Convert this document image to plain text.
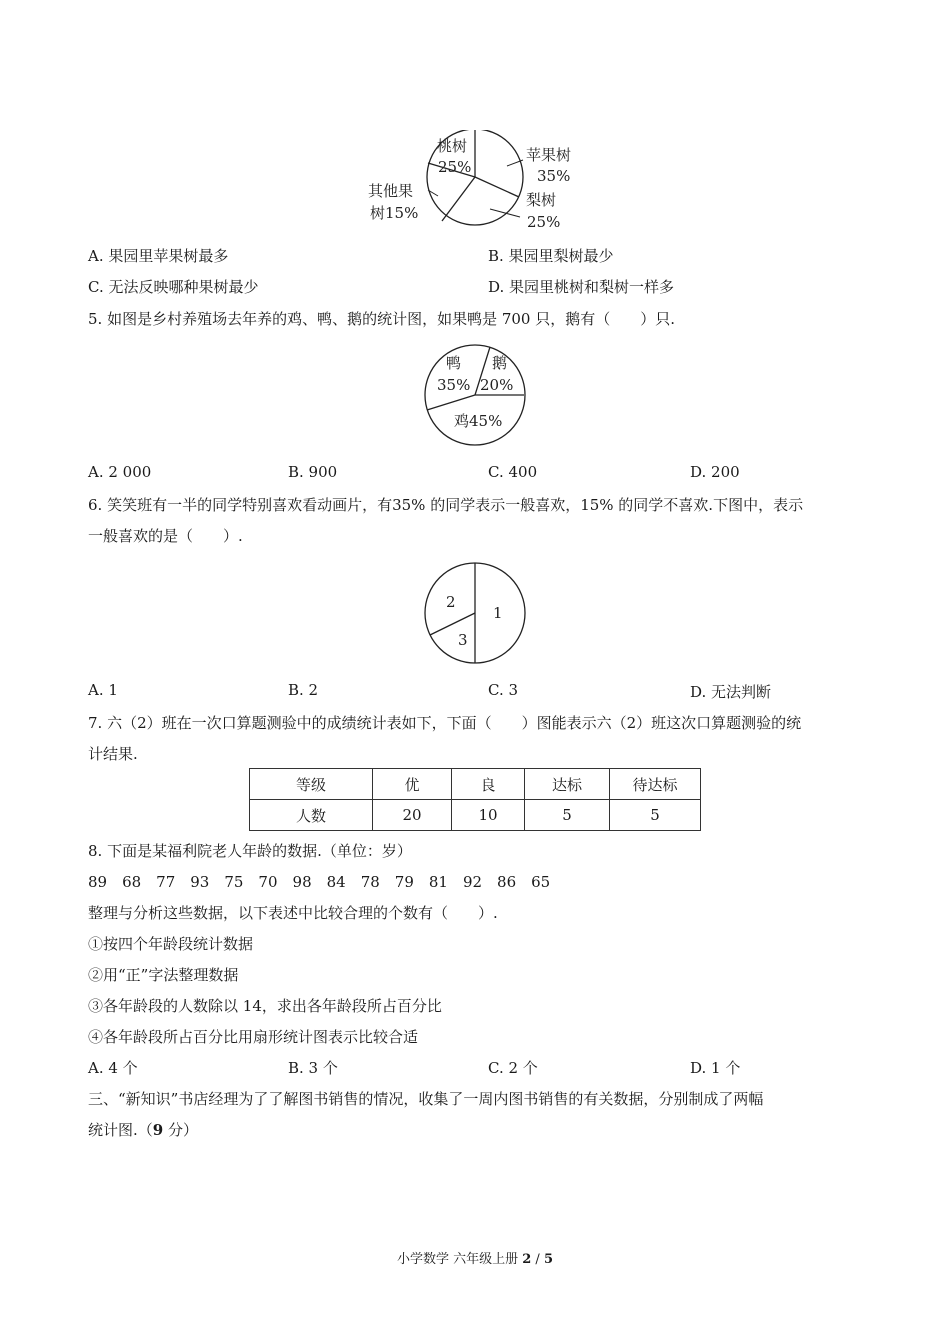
桃树
25%
苹果树
35%
梨树
25%
其他果
树15%
A. 果园里苹果树最多	B. 果园里梨树最少
C. 无法反映哪种果树最少	D. 果园里桃树和梨树一样多
5. 如图是乡村养殖场去年养的鸡、鸭、鹅的统计图，如果鸭是 700 只，鹅有（　　）只.
鸭
35%
鹅
20%
鸡45%
A. 2 000	B. 900	C. 400	D. 200
6. 笑笑班有一半的同学特别喜欢看动画片，有35% 的同学表示一般喜欢，15% 的同学不喜欢.下图中，表示
一般喜欢的是（　　）.
1
2
3
A. 1	B. 2	C. 3	D. 无法判断
7. 六（2）班在一次口算题测验中的成绩统计表如下，下面（　　）图能表示六（2）班这次口算题测验的统
计结果.
等级	优	良	达标	待达标
人数	20	10	5	5
8. 下面是某福利院老人年龄的数据.（单位：岁）
89　68　77　93　75　70　98　84　78　79　81　92　86　65
整理与分析这些数据，以下表述中比较合理的个数有（　　）.
①按四个年龄段统计数据
②用“正”字法整理数据
③各年龄段的人数除以 14，求出各年龄段所占百分比
④各年龄段所占百分比用扇形统计图表示比较合适
A. 4 个	B. 3 个	C. 2 个	D. 1 个
三、“新知识”书店经理为了了解图书销售的情况，收集了一周内图书销售的有关数据，分别制成了两幅
统计图.（9 分）
小学数学 六年级上册 2 / 5
